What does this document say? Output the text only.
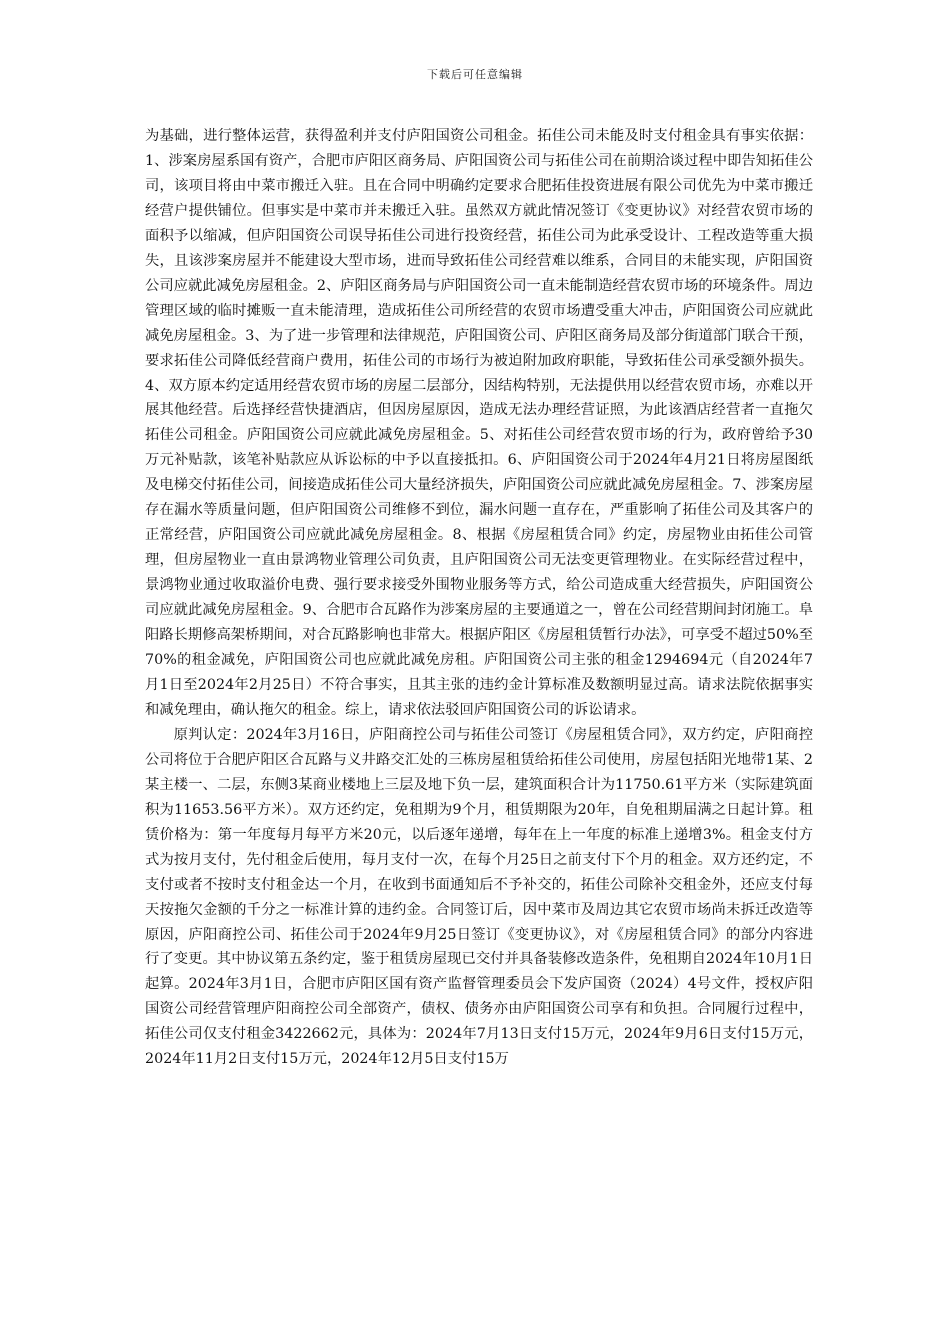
下载后可任意编辑

为基础，进行整体运营，获得盈利并支付庐阳国资公司租金。拓佳公司未能及时支付租金具有事实依据：1、涉案房屋系国有资产，合肥市庐阳区商务局、庐阳国资公司与拓佳公司在前期洽谈过程中即告知拓佳公司，该项目将由中菜市搬迁入驻。且在合同中明确约定要求合肥拓佳投资进展有限公司优先为中菜市搬迁经营户提供铺位。但事实是中菜市并未搬迁入驻。虽然双方就此情况签订《变更协议》对经营农贸市场的面积予以缩减，但庐阳国资公司误导拓佳公司进行投资经营，拓佳公司为此承受设计、工程改造等重大损失，且该涉案房屋并不能建设大型市场，进而导致拓佳公司经营难以维系，合同目的未能实现，庐阳国资公司应就此减免房屋租金。2、庐阳区商务局与庐阳国资公司一直未能制造经营农贸市场的环境条件。周边管理区域的临时摊贩一直未能清理，造成拓佳公司所经营的农贸市场遭受重大冲击，庐阳国资公司应就此减免房屋租金。3、为了进一步管理和法律规范，庐阳国资公司、庐阳区商务局及部分街道部门联合干预，要求拓佳公司降低经营商户费用，拓佳公司的市场行为被迫附加政府职能，导致拓佳公司承受额外损失。4、双方原本约定适用经营农贸市场的房屋二层部分，因结构特别，无法提供用以经营农贸市场，亦难以开展其他经营。后选择经营快捷酒店，但因房屋原因，造成无法办理经营证照，为此该酒店经营者一直拖欠拓佳公司租金。庐阳国资公司应就此减免房屋租金。5、对拓佳公司经营农贸市场的行为，政府曾给予30万元补贴款，该笔补贴款应从诉讼标的中予以直接抵扣。6、庐阳国资公司于2024年4月21日将房屋图纸及电梯交付拓佳公司，间接造成拓佳公司大量经济损失，庐阳国资公司应就此减免房屋租金。7、涉案房屋存在漏水等质量问题，但庐阳国资公司维修不到位，漏水问题一直存在，严重影响了拓佳公司及其客户的正常经营，庐阳国资公司应就此减免房屋租金。8、根据《房屋租赁合同》约定，房屋物业由拓佳公司管理，但房屋物业一直由景鸿物业管理公司负责，且庐阳国资公司无法变更管理物业。在实际经营过程中，景鸿物业通过收取溢价电费、强行要求接受外围物业服务等方式，给公司造成重大经营损失，庐阳国资公司应就此减免房屋租金。9、合肥市合瓦路作为涉案房屋的主要通道之一，曾在公司经营期间封闭施工。阜阳路长期修高架桥期间，对合瓦路影响也非常大。根据庐阳区《房屋租赁暂行办法》，可享受不超过50%至70%的租金减免，庐阳国资公司也应就此减免房租。庐阳国资公司主张的租金1294694元（自2024年7月1日至2024年2月25日）不符合事实，且其主张的违约金计算标准及数额明显过高。请求法院依据事实和减免理由，确认拖欠的租金。综上，请求依法驳回庐阳国资公司的诉讼请求。

原判认定：2024年3月16日，庐阳商控公司与拓佳公司签订《房屋租赁合同》，双方约定，庐阳商控公司将位于合肥庐阳区合瓦路与义井路交汇处的三栋房屋租赁给拓佳公司使用，房屋包括阳光地带1某、2某主楼一、二层，东侧3某商业楼地上三层及地下负一层，建筑面积合计为11750.61平方米（实际建筑面积为11653.56平方米）。双方还约定，免租期为9个月，租赁期限为20年，自免租期届满之日起计算。租赁价格为：第一年度每月每平方米20元，以后逐年递增，每年在上一年度的标准上递增3%。租金支付方式为按月支付，先付租金后使用，每月支付一次，在每个月25日之前支付下个月的租金。双方还约定，不支付或者不按时支付租金达一个月，在收到书面通知后不予补交的，拓佳公司除补交租金外，还应支付每天按拖欠金额的千分之一标准计算的违约金。合同签订后，因中菜市及周边其它农贸市场尚未拆迁改造等原因，庐阳商控公司、拓佳公司于2024年9月25日签订《变更协议》，对《房屋租赁合同》的部分内容进行了变更。其中协议第五条约定，鉴于租赁房屋现已交付并具备装修改造条件，免租期自2024年10月1日起算。2024年3月1日，合肥市庐阳区国有资产监督管理委员会下发庐国资（2024）4号文件，授权庐阳国资公司经营管理庐阳商控公司全部资产，债权、债务亦由庐阳国资公司享有和负担。合同履行过程中，拓佳公司仅支付租金3422662元，具体为：2024年7月13日支付15万元，2024年9月6日支付15万元，2024年11月2日支付15万元，2024年12月5日支付15万
